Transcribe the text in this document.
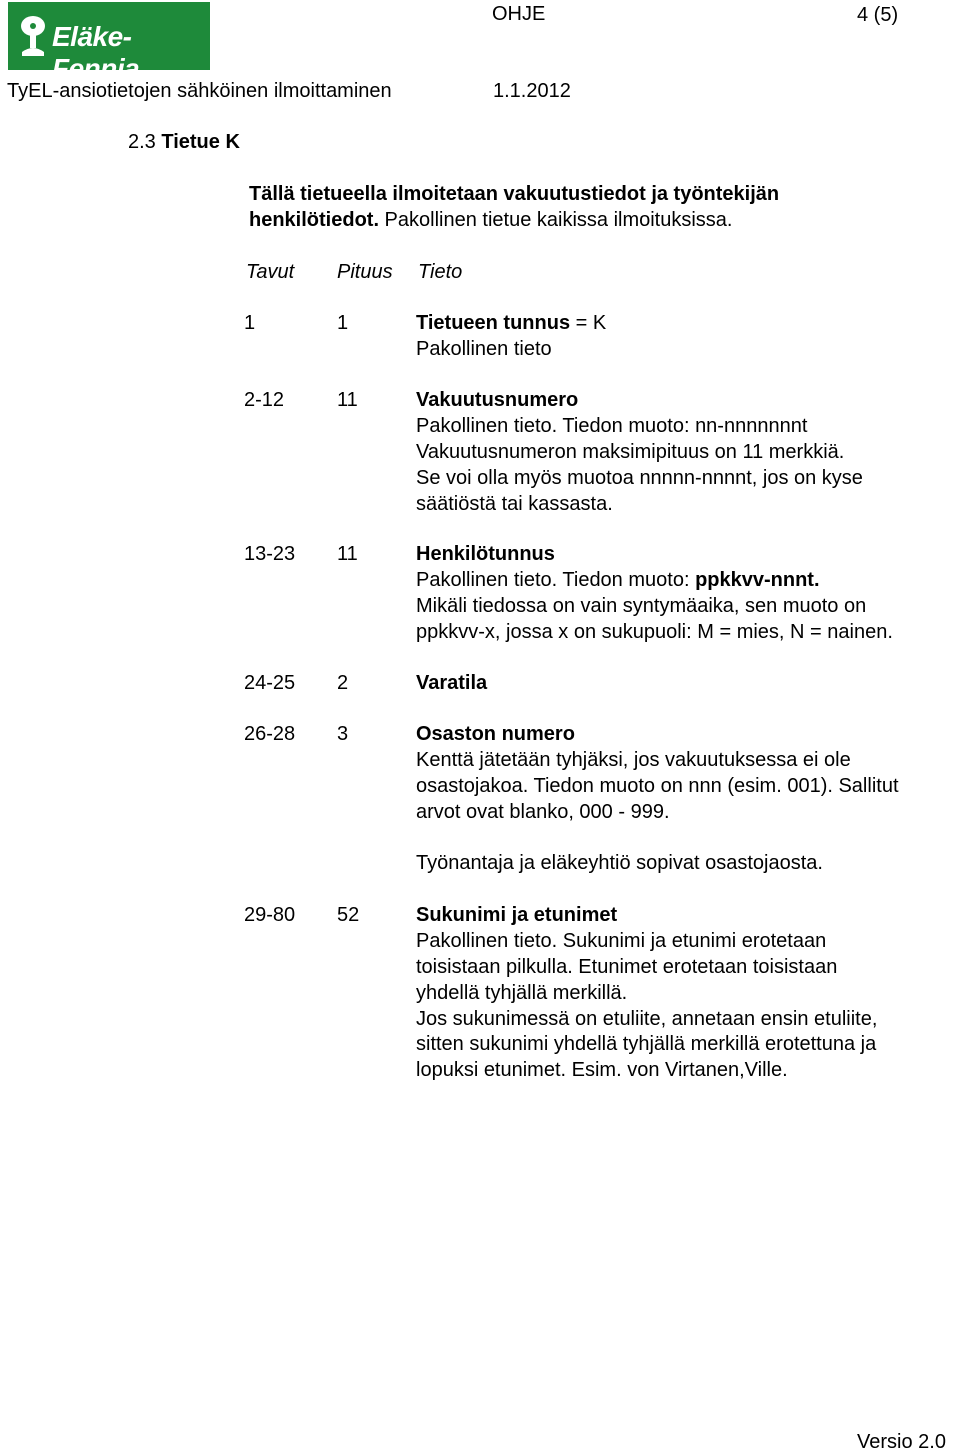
Eläke-Fennia
OHJE	4 (5)
TyEL-ansiotietojen sähköinen ilmoittaminen	1.1.2012
2.3 Tietue K
Tällä tietueella ilmoitetaan vakuutustiedot ja työntekijän
henkilötiedot. Pakollinen tietue kaikissa ilmoituksissa.
Tavut Pituus Tieto
1	1	Tietueen tunnus = K
Pakollinen tieto
2-12	11	Vakuutusnumero
Pakollinen tieto. Tiedon muoto: nn-nnnnnnnt
Vakuutusnumeron maksimipituus on 11 merkkiä.
Se voi olla myös muotoa nnnnn-nnnnt, jos on kyse
säätiöstä tai kassasta.
13-23 11	Henkilötunnus
Pakollinen tieto. Tiedon muoto: ppkkvv-nnnt.
Mikäli tiedossa on vain syntymäaika, sen muoto on
ppkkvv-x, jossa x on sukupuoli: M = mies, N = nainen.
24-25 2	Varatila
26-28 3	Osaston numero
Kenttä jätetään tyhjäksi, jos vakuutuksessa ei ole
osastojakoa. Tiedon muoto on nnn (esim. 001). Sallitut
arvot ovat blanko, 000 - 999.
Työnantaja ja eläkeyhtiö sopivat osastojaosta.
29-80 52	Sukunimi ja etunimet
Pakollinen tieto. Sukunimi ja etunimi erotetaan
toisistaan pilkulla. Etunimet erotetaan toisistaan
yhdellä tyhjällä merkillä.
Jos sukunimessä on etuliite, annetaan ensin etuliite,
sitten sukunimi yhdellä tyhjällä merkillä erotettuna ja
lopuksi etunimet. Esim. von Virtanen,Ville.
Versio 2.0
